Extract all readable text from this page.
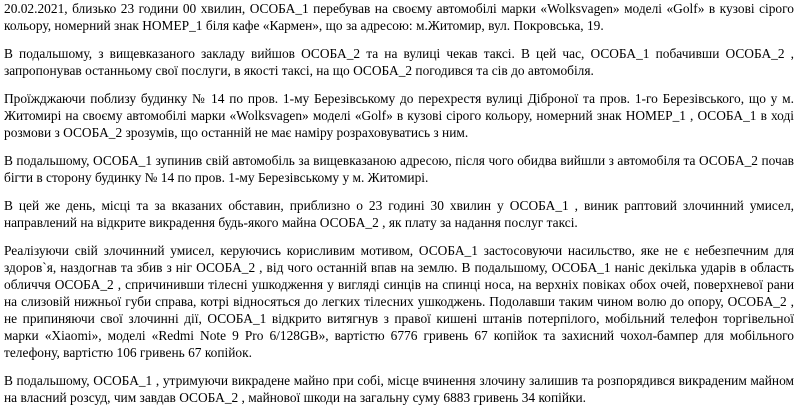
20.02.2021, близько 23 години 00 хвилин, ОСОБА_1 перебував на своєму автомобілі марки «Wolksvagen» моделі «Golf» в кузові сірого кольору, номерний знак НОМЕР_1 біля кафе «Кармен», що за адресою: м.Житомир, вул. Покровська, 19.

В подальшому, з вищевказаного закладу вийшов ОСОБА_2 та на вулиці чекав таксі. В цей час, ОСОБА_1 побачивши ОСОБА_2 , запропонував останньому свої послуги, в якості таксі, на що ОСОБА_2 погодився та сів до автомобіля.

Проїжджаючи поблизу будинку № 14 по пров. 1-му Березівському до перехрестя вулиці Діброної та пров. 1-го Березівського, що у м. Житомирі на своєму автомобілі марки «Wolksvagen» моделі «Golf» в кузові сірого кольору, номерний знак НОМЕР_1 , ОСОБА_1 в ході розмови з ОСОБА_2 зрозумів, що останній не має наміру розраховуватись з ним.

В подальшому, ОСОБА_1 зупинив свій автомобіль за вищевказаною адресою, після чого обидва вийшли з автомобіля та ОСОБА_2 почав бігти в сторону будинку № 14 по пров. 1-му Березівському у м. Житомирі.

В цей же день, місці та за вказаних обставин, приблизно о 23 годині 30 хвилин у ОСОБА_1 , виник раптовий злочинний умисел, направлений на відкрите викрадення будь-якого майна ОСОБА_2 , як плату за надання послуг таксі.

Реалізуючи свій злочинний умисел, керуючись корисливим мотивом, ОСОБА_1 застосовуючи насильство, яке не є небезпечним для здоров`я, наздогнав та збив з ніг ОСОБА_2 , від чого останній впав на землю. В подальшому, ОСОБА_1 наніс декілька ударів в область обличчя ОСОБА_2 , спричинивши тілесні ушкодження у вигляді синців на спинці носа, на верхніх повіках обох очей, поверхневої рани на слизовій нижньої губи справа, котрі відносяться до легких тілесних ушкоджень. Подолавши таким чином волю до опору, ОСОБА_2 , не припиняючи свої злочинні дії, ОСОБА_1 відкрито витягнув з правої кишені штанів потерпілого, мобільний телефон торгівельної марки «Xiaomi», моделі «Redmi Note 9 Pro 6/128GB», вартістю 6776 гривень 67 копійок та захисний чохол-бампер для мобільного телефону, вартістю 106 гривень 67 копійок.

В подальшому, ОСОБА_1 , утримуючи викрадене майно при собі, місце вчинення злочину залишив та розпорядився викраденим майном на власний розсуд, чим завдав ОСОБА_2 , майнової шкоди на загальну суму 6883 гривень 34 копійки.
